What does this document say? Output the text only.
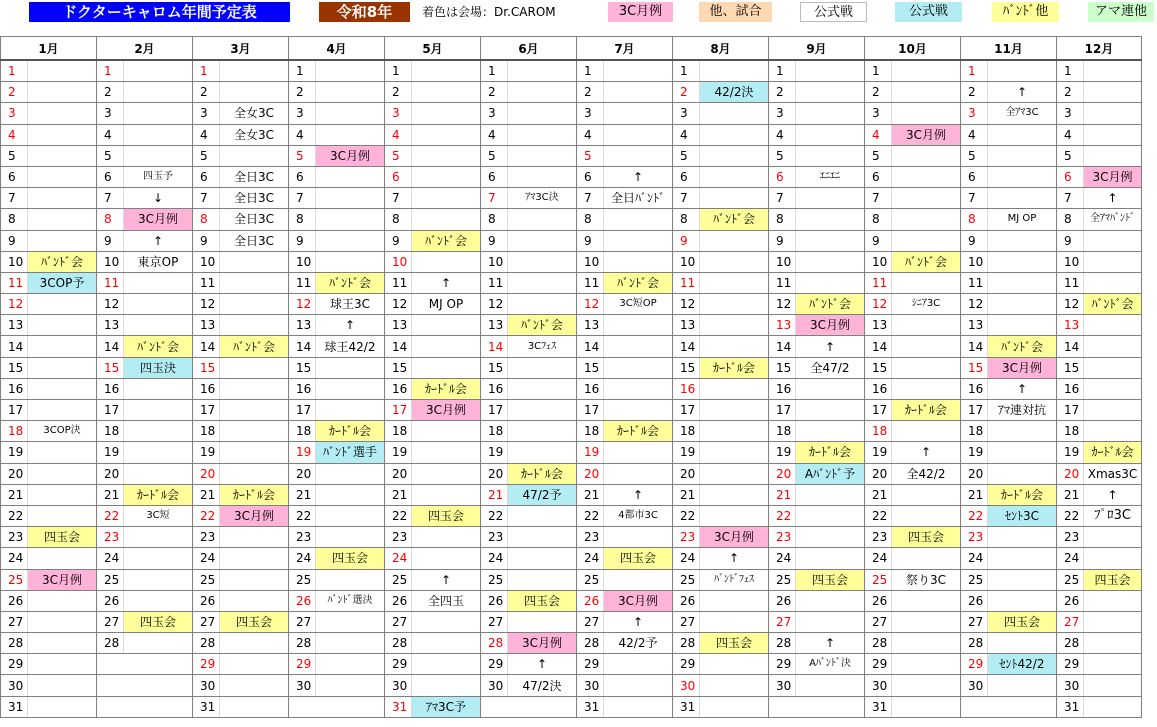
ドクターキャロム年間予定表	令和8年	着色は会場：Dr.CAROM	3C月例	他、試合	公式戦	公式戦	ﾊﾞﾝﾄﾞ他	アマ連他
1月		2月		3月		4月		5月		6月		7月		8月		9月		10月		11月		12月	
1		1		1		1		1		1		1		1		1		1		1		1	
2		2		2		2		2		2		2		2	42/2決	2		2		2	↑	2	
3		3		3	全女3C	3		3		3		3		3		3		3		3	全ｱﾏ3C	3	
4		4		4	全女3C	4		4		4		4		4		4		4	3C月例	4		4	
5		5		5		5	3C月例	5		5		5		5		5		5		5		5	
6		6	四玉予	6	全日3C	6		6		6		6	↑	6		6	ｴﾆｴﾆ	6		6		6	3C月例
7		7	↓	7	全日3C	7		7		7	ｱﾏ3C決	7	全日ﾊﾞﾝﾄﾞ	7		7		7		7		7	↑
8		8	3C月例	8	全日3C	8		8		8		8		8	ﾊﾞﾝﾄﾞ会	8		8		8	MJ OP	8	全ｱﾏﾊﾞﾝﾄﾞ
9		9	↑	9	全日3C	9		9	ﾊﾞﾝﾄﾞ会	9		9		9		9		9		9		9	
10	ﾊﾞﾝﾄﾞ会	10	東京OP	10		10		10		10		10		10		10		10	ﾊﾞﾝﾄﾞ会	10		10	
11	3COP予	11		11		11	ﾊﾞﾝﾄﾞ会	11	↑	11		11	ﾊﾞﾝﾄﾞ会	11		11		11		11		11	
12		12		12		12	球王3C	12	MJ OP	12		12	3C短OP	12		12	ﾊﾞﾝﾄﾞ会	12	ｼﾆｱ3C	12		12	ﾊﾞﾝﾄﾞ会
13		13		13		13	↑	13		13	ﾊﾞﾝﾄﾞ会	13		13		13	3C月例	13		13		13	
14		14	ﾊﾞﾝﾄﾞ会	14	ﾊﾞﾝﾄﾞ会	14	球王42/2	14		14	3Cﾌｪｽ	14		14		14	↑	14		14	ﾊﾞﾝﾄﾞ会	14	
15		15	四玉決	15		15		15		15		15		15	ｶｰﾄﾞﾙ会	15	全47/2	15		15	3C月例	15	
16		16		16		16		16	ｶｰﾄﾞﾙ会	16		16		16		16		16		16	↑	16	
17		17		17		17		17	3C月例	17		17		17		17		17	ｶｰﾄﾞﾙ会	17	ｱﾏ連対抗	17	
18	3COP決	18		18		18	ｶｰﾄﾞﾙ会	18		18		18	ｶｰﾄﾞﾙ会	18		18		18		18		18	
19		19		19		19	ﾊﾞﾝﾄﾞ選手	19		19		19		19		19	ｶｰﾄﾞﾙ会	19	↑	19		19	ｶｰﾄﾞﾙ会
20		20		20		20		20		20	ｶｰﾄﾞﾙ会	20		20		20	Aﾊﾞﾝﾄﾞ予	20	全42/2	20		20	Xmas3C
21		21	ｶｰﾄﾞﾙ会	21	ｶｰﾄﾞﾙ会	21		21		21	47/2予	21	↑	21		21		21		21	ｶｰﾄﾞﾙ会	21	↑
22		22	3C短	22	3C月例	22		22	四玉会	22		22	4都市3C	22		22		22		22	ｾﾝﾄ3C	22	ﾌﾟﾛ3C
23	四玉会	23		23		23		23		23		23		23	3C月例	23		23	四玉会	23		23	
24		24		24		24	四玉会	24		24		24	四玉会	24	↑	24		24		24		24	
25	3C月例	25		25		25		25	↑	25		25		25	ﾊﾞﾝﾄﾞﾌｪｽ	25	四玉会	25	祭り3C	25		25	四玉会
26		26		26		26	ﾊﾞﾝﾄﾞ選決	26	全四玉	26	四玉会	26	3C月例	26		26		26		26		26	
27		27	四玉会	27	四玉会	27		27		27		27	↑	27		27		27		27	四玉会	27	
28		28		28		28		28		28	3C月例	28	42/2予	28	四玉会	28	↑	28		28		28	
29				29		29		29		29	↑	29		29		29	Aﾊﾞﾝﾄﾞ決	29		29	ｾﾝﾄ42/2	29	
30				30		30		30		30	47/2決	30		30		30		30		30		30	
31				31				31	ｱﾏ3C予			31		31				31				31	
